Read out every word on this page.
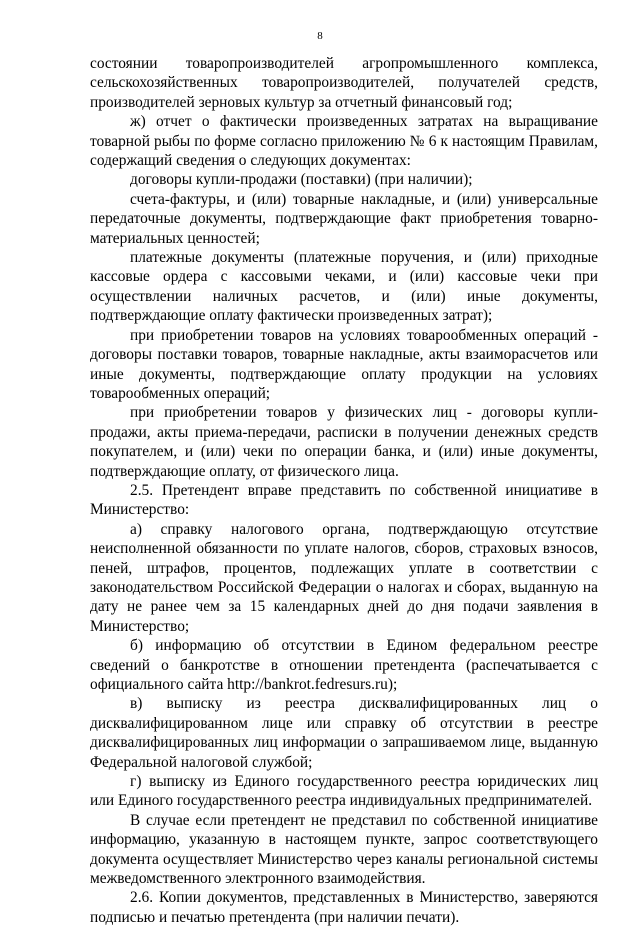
8

состоянии товаропроизводителей агропромышленного комплекса, сельскохозяйственных товаропроизводителей, получателей средств, производителей зерновых культур за отчетный финансовый год;

ж) отчет о фактически произведенных затратах на выращивание товарной рыбы по форме согласно приложению № 6 к настоящим Правилам, содержащий сведения о следующих документах:

договоры купли-продажи (поставки) (при наличии);

счета-фактуры, и (или) товарные накладные, и (или) универсальные передаточные документы, подтверждающие факт приобретения товарно-материальных ценностей;

платежные документы (платежные поручения, и (или) приходные кассовые ордера с кассовыми чеками, и (или) кассовые чеки при осуществлении наличных расчетов, и (или) иные документы, подтверждающие оплату фактически произведенных затрат);

при приобретении товаров на условиях товарообменных операций - договоры поставки товаров, товарные накладные, акты взаиморасчетов или иные документы, подтверждающие оплату продукции на условиях товарообменных операций;

при приобретении товаров у физических лиц - договоры купли-продажи, акты приема-передачи, расписки в получении денежных средств покупателем, и (или) чеки по операции банка, и (или) иные документы, подтверждающие оплату, от физического лица.

2.5. Претендент вправе представить по собственной инициативе в Министерство:

а) справку налогового органа, подтверждающую отсутствие неисполненной обязанности по уплате налогов, сборов, страховых взносов, пеней, штрафов, процентов, подлежащих уплате в соответствии с законодательством Российской Федерации о налогах и сборах, выданную на дату не ранее чем за 15 календарных дней до дня подачи заявления в Министерство;

б) информацию об отсутствии в Едином федеральном реестре сведений о банкротстве в отношении претендента (распечатывается с официального сайта http://bankrot.fedresurs.ru);

в) выписку из реестра дисквалифицированных лиц о дисквалифицированном лице или справку об отсутствии в реестре дисквалифицированных лиц информации о запрашиваемом лице, выданную Федеральной налоговой службой;

г) выписку из Единого государственного реестра юридических лиц или Единого государственного реестра индивидуальных предпринимателей.

В случае если претендент не представил по собственной инициативе информацию, указанную в настоящем пункте, запрос соответствующего документа осуществляет Министерство через каналы региональной системы межведомственного электронного взаимодействия.

2.6. Копии документов, представленных в Министерство, заверяются подписью и печатью претендента (при наличии печати).
